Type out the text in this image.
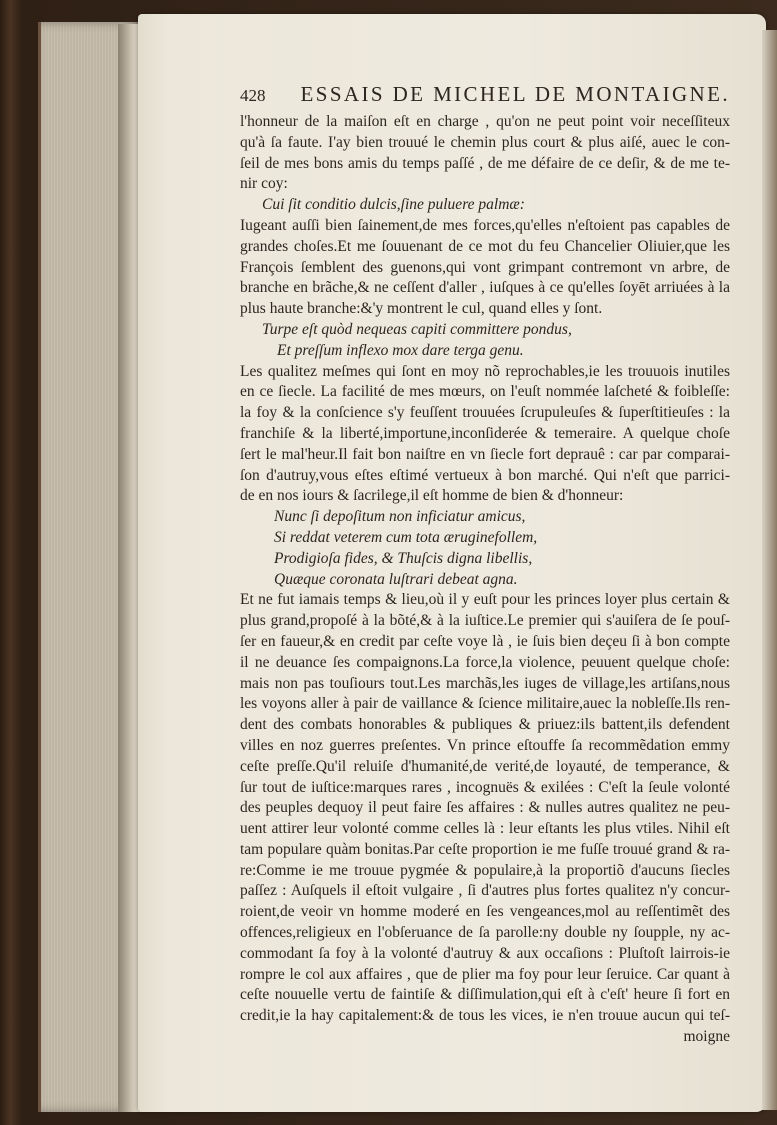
428 ESSAIS DE MICHEL DE MONTAIGNE.
l'honneur de la maiſon eſt en charge , qu'on ne peut point voir neceſſiteux
qu'à ſa faute. I'ay bien trouué le chemin plus court & plus aiſé, auec le con-
ſeil de mes bons amis du temps paſſé , de me défaire de ce deſir, & de me te-
nir coy:
Cui ſit conditio dulcis,ſine puluere palmæ:
Iugeant auſſi bien ſainement,de mes forces,qu'elles n'eſtoient pas capables de
grandes choſes.Et me ſouuenant de ce mot du feu Chancelier Oliuier,que les
François ſemblent des guenons,qui vont grimpant contremont vn arbre, de
branche en brãche,& ne ceſſent d'aller , iuſques à ce qu'elles ſoyēt arriuées à la
plus haute branche:&'y montrent le cul, quand elles y ſont.
Turpe eſt quòd nequeas capiti committere pondus,
Et preſſum inflexo mox dare terga genu.
Les qualitez meſmes qui ſont en moy nõ reprochables,ie les trouuois inutiles
en ce ſiecle. La facilité de mes mœurs, on l'euſt nommée laſcheté & foibleſſe:
la foy & la conſcience s'y feuſſent trouuées ſcrupuleuſes & ſuperſtitieuſes : la
franchiſe & la liberté,importune,inconſiderée & temeraire. A quelque choſe
ſert le mal'heur.Il fait bon naiſtre en vn ſiecle fort deprauê : car par comparai-
ſon d'autruy,vous eſtes eſtimé vertueux à bon marché. Qui n'eſt que parrici-
de en nos iours & ſacrilege,il eſt homme de bien & d'honneur:
Nunc ſi depoſitum non inficiatur amicus,
Si reddat veterem cum tota æruginefollem,
Prodigioſa fides, & Thuſcis digna libellis,
Quæque coronata luſtrari debeat agna.
Et ne fut iamais temps & lieu,où il y euſt pour les princes loyer plus certain &
plus grand,propoſé à la bõté,& à la iuſtice.Le premier qui s'auiſera de ſe pouſ-
ſer en faueur,& en credit par ceſte voye là , ie ſuis bien deçeu ſi à bon compte
il ne deuance ſes compaignons.La force,la violence, peuuent quelque choſe:
mais non pas touſiours tout.Les marchãs,les iuges de village,les artiſans,nous
les voyons aller à pair de vaillance & ſcience militaire,auec la nobleſſe.Ils ren-
dent des combats honorables & publiques & priuez:ils battent,ils defendent
villes en noz guerres preſentes. Vn prince eſtouffe ſa recommẽdation emmy
ceſte preſſe.Qu'il reluiſe d'humanité,de verité,de loyauté, de temperance, &
ſur tout de iuſtice:marques rares , incognuës & exilées : C'eſt la ſeule volonté
des peuples dequoy il peut faire ſes affaires : & nulles autres qualitez ne peu-
uent attirer leur volonté comme celles là : leur eſtants les plus vtiles. Nihil eſt
tam populare quàm bonitas.Par ceſte proportion ie me fuſſe trouué grand & ra-
re:Comme ie me trouue pygmée & populaire,à la proportiõ d'aucuns ſiecles
paſſez : Auſquels il eſtoit vulgaire , ſi d'autres plus fortes qualitez n'y concur-
roient,de veoir vn homme moderé en ſes vengeances,mol au reſſentimẽt des
offences,religieux en l'obſeruance de ſa parolle:ny double ny ſoupple, ny ac-
commodant ſa foy à la volonté d'autruy & aux occaſions : Pluſtoſt lairrois-ie
rompre le col aux affaires , que de plier ma foy pour leur ſeruice. Car quant à
ceſte nouuelle vertu de faintiſe & diſſimulation,qui eſt à c'eſt' heure ſi fort en
credit,ie la hay capitalement:& de tous les vices, ie n'en trouue aucun qui teſ-
moigne
